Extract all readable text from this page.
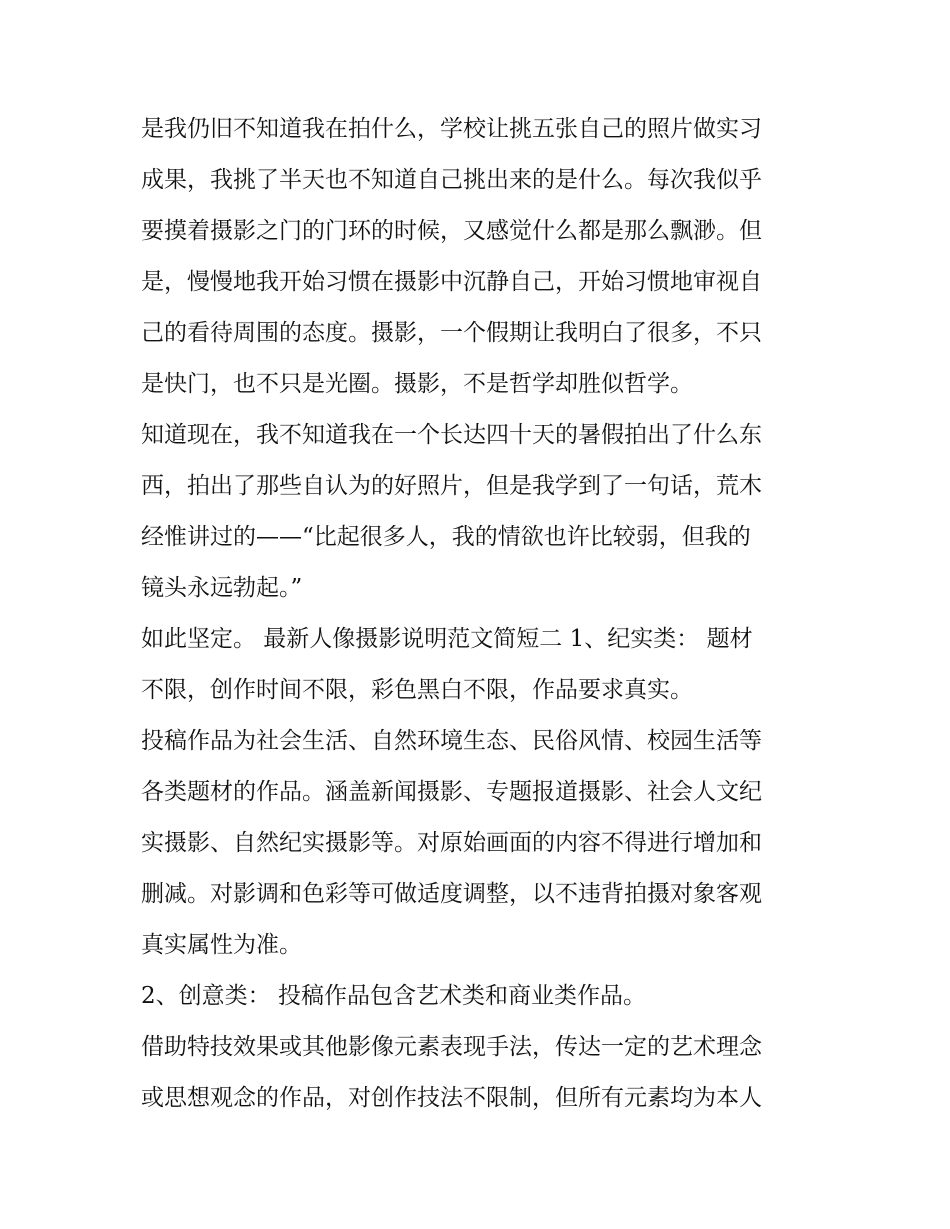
是我仍旧不知道我在拍什么，学校让挑五张自己的照片做实习
成果，我挑了半天也不知道自己挑出来的是什么。每次我似乎
要摸着摄影之门的门环的时候，又感觉什么都是那么飘渺。但
是，慢慢地我开始习惯在摄影中沉静自己，开始习惯地审视自
己的看待周围的态度。摄影，一个假期让我明白了很多，不只
是快门，也不只是光圈。摄影，不是哲学却胜似哲学。
知道现在，我不知道我在一个长达四十天的暑假拍出了什么东
西，拍出了那些自认为的好照片，但是我学到了一句话，荒木
经惟讲过的——“比起很多人，我的情欲也许比较弱，但我的
镜头永远勃起。”
如此坚定。 最新人像摄影说明范文简短二 1、纪实类： 题材
不限，创作时间不限，彩色黑白不限，作品要求真实。
投稿作品为社会生活、自然环境生态、民俗风情、校园生活等
各类题材的作品。涵盖新闻摄影、专题报道摄影、社会人文纪
实摄影、自然纪实摄影等。对原始画面的内容不得进行增加和
删减。对影调和色彩等可做适度调整，以不违背拍摄对象客观
真实属性为准。
2、创意类： 投稿作品包含艺术类和商业类作品。
借助特技效果或其他影像元素表现手法，传达一定的艺术理念
或思想观念的作品，对创作技法不限制，但所有元素均为本人
